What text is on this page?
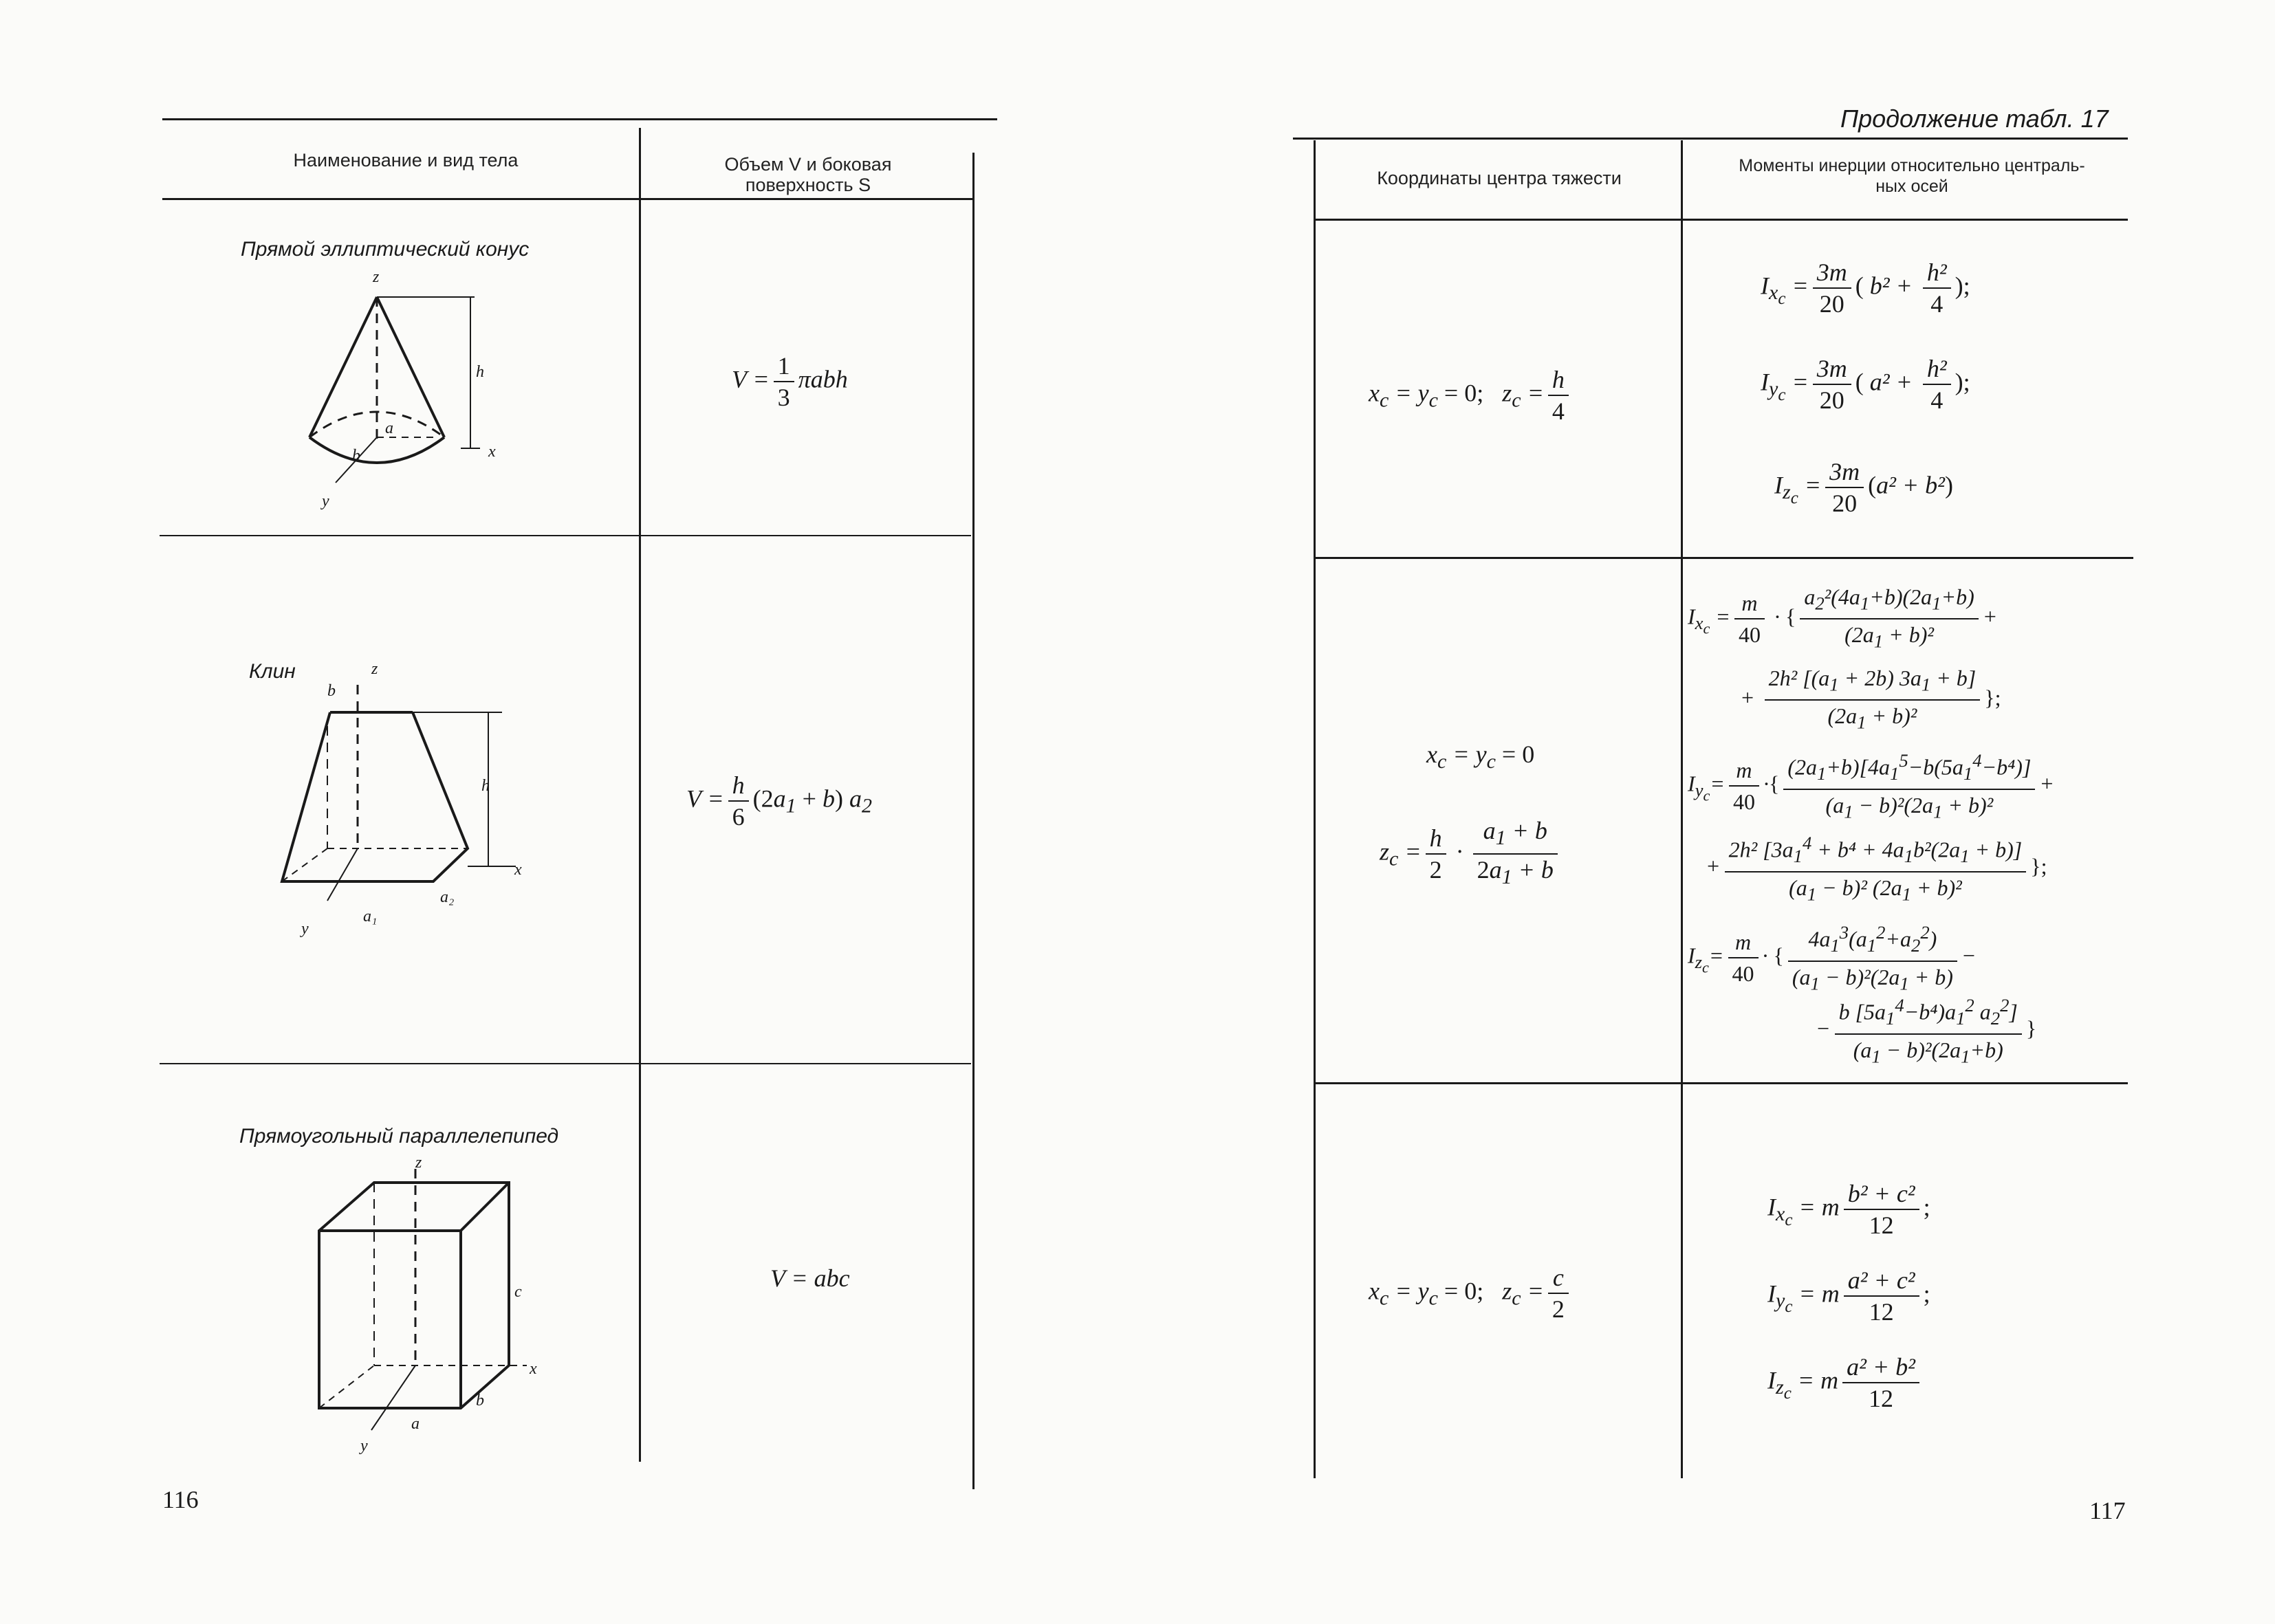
Наименование и вид тела	Объем V и боковая
поверхность S
Прямой эллиптический конус
z
h
a
b	x
y
$V = \frac{1}{3}$ πabh
Клин
b
z
h
x
a₁
a₂
y
$V = \frac{h}{6} (2a_1 + b)$ $a_2$
Прямоугольный параллелепипед
z
c
x
b
a
y
V = abc
116
Продолжение табл. 17
Координаты центра тяжести
Моменты инерции относительно централь-
ных осей
$x_c = y_c = 0$;   $z_c = \frac{h}{4}$
$I_{x_c} = \frac{3m}{20}$ ( $b^2 + \frac{\text{h²}}{4}$ );
$I_{y_c} = \frac{3m}{20}$ ( $a^2 + \frac{\text{h²}}{4}$ );
$I_{z_c} = \frac{3m}{20} (a^2 + b^2)$
$x_c = y_c = 0$
$z_c = \frac{h}{2} \cdot \frac{a_1 + b}{2a_1 + b}$
$I_{x_c} = \frac{m}{40}$ · { $\frac{a_2^2(4a_1+b)(2a_1+b)}{(2a_1 + b)^2}$ +
+ $\frac{2h^2 [(a_1 + 2b) 3a_1 + b]}{(2a_1 + b)^2}$ };
$I_{y_c}= \frac{m}{40}$ ·{ $\frac{(2a_1+b)[4a_1^5-b(5a_1^4-b^4)]}{(a_1 - b)^2(2a_1 + b)^2}$ +
+ $\frac{2h^2 [3a_1^4 + b^4 + 4a_1b^2(2a_1 + b)]}{(a_1 - b)^2 (2a_1 + b)^2}$ };
$I_{z_c}= \frac{m}{40}$ · { $\frac{4a_1^3(a_1^2+a_2^2)}{(a_1 - b)^2(2a_1 + b)}$ −
− $\frac{b [5a_1^4-b^4)a_1^2 a_2^2]}{(a_1 - b)^2(2a_1+b)}$ }
$x_c = y_c = 0$;   $z_c = \frac{c}{2}$
$I_{x_c} = m \frac{\text{b² + c²}}{12}$ ;
$I_{y_c} = m \frac{\text{a² + c²}}{12}$ ;
$I_{z_c} = m \frac{\text{a² + b²}}{12}$
117
